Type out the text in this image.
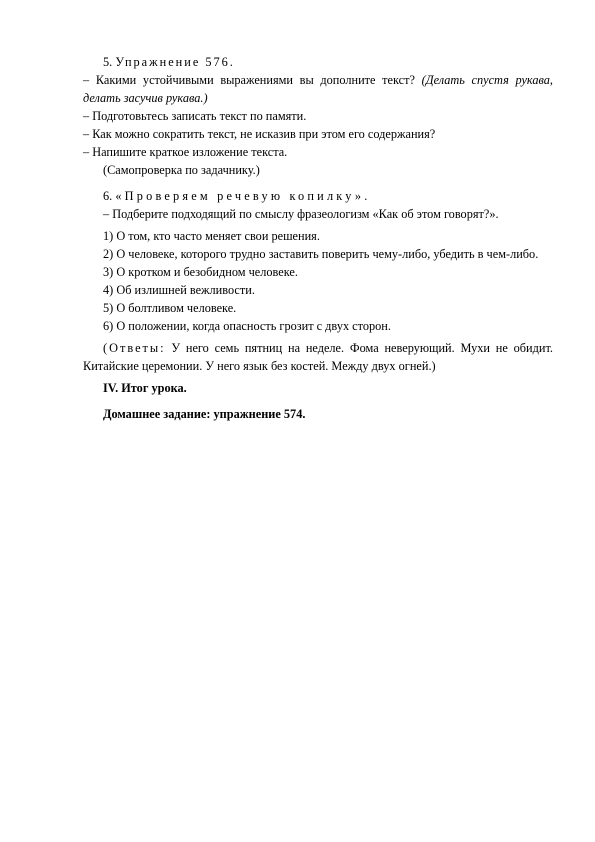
5. Упражнение 576.

– Какими устойчивыми выражениями вы дополните текст? (Делать спустя рукава, делать засучив рукава.)

– Подготовьтесь записать текст по памяти.

– Как можно сократить текст, не исказив при этом его содержания?

– Напишите краткое изложение текста.

(Самопроверка по задачнику.)

6. «Проверяем речевую копилку».

– Подберите подходящий по смыслу фразеологизм «Как об этом говорят?».

1) О том, кто часто меняет свои решения.

2) О человеке, которого трудно заставить поверить чему-либо, убедить в чем-либо.

3) О кротком и безобидном человеке.

4) Об излишней вежливости.

5) О болтливом человеке.

6) О положении, когда опасность грозит с двух сторон.

(Ответы: У него семь пятниц на неделе. Фома неверующий. Мухи не обидит. Китайские церемонии. У него язык без костей. Между двух огней.)

IV. Итог урока.

Домашнее задание: упражнение 574.
